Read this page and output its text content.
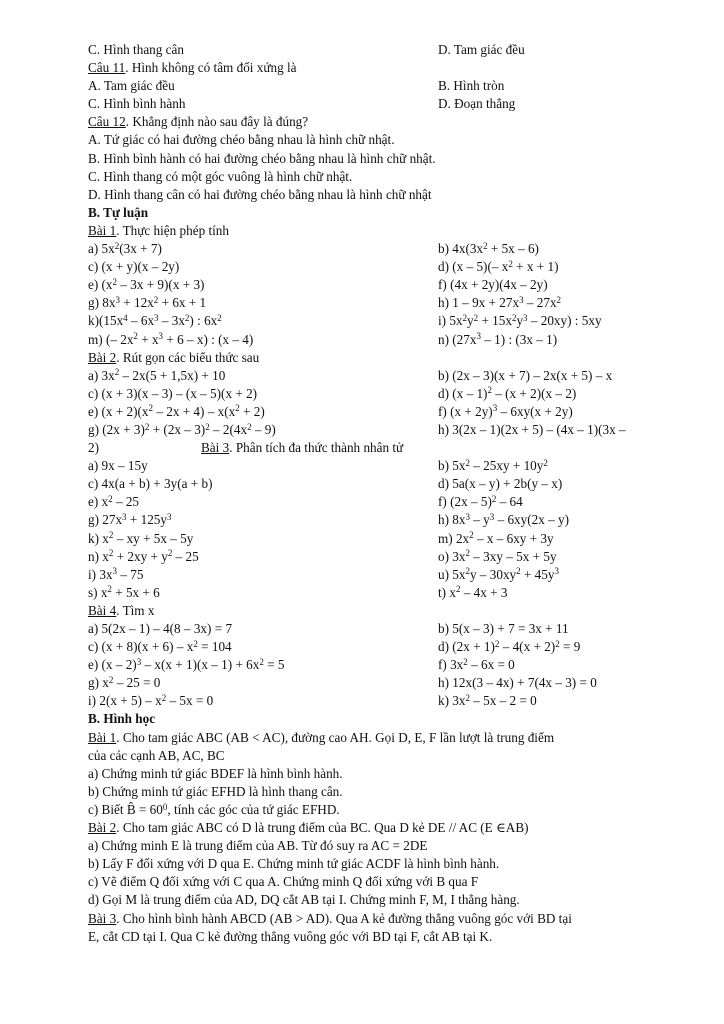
C. Hình thang cân	D. Tam giác đều
Câu 11. Hình không có tâm đối xứng là
A. Tam giác đều	B. Hình tròn
C. Hình bình hành	D. Đoạn thẳng
Câu 12. Khẳng định nào sau đây là đúng?
A. Tứ giác có hai đường chéo bằng nhau là hình chữ nhật.
B. Hình bình hành có hai đường chéo bằng nhau là hình chữ nhật.
C. Hình thang có một góc vuông là hình chữ nhật.
D. Hình thang cân có hai đường chéo bằng nhau là hình chữ nhật
B. Tự luận
Bài 1. Thực hiện phép tính
a) $5x^2(3x + 7)$	b) $4x(3x^2 + 5x - 6)$
c) (x + y)(x – 2y)	d) (x – 5)(– $x^2 + x + 1$)
e) $(x^2 - 3x + 9)(x + 3)$	f) (4x + 2y)(4x – 2y)
g) $8x^3 + 12x^2 + 6x + 1$	h) $1 - 9x + 27x^3 - 27x^2$
$k)(15x^4 - 6x^3 - 3x^2)$ : $6x^2$	i) $5x^2y^2 + 15x^2y^3 - 20xy$) : 5xy
m) (– $2x^2 + x^3 + 6 - x$) : (x – 4)	n) $(27x^3 - 1)$ : (3x – 1)
Bài 2. Rút gọn các biểu thức sau
a) $3x^2 - 2x(5 + 1,5x) + 10$	b) (2x – 3)(x + 7) – 2x(x + 5) – x
c) (x + 3)(x – 3) – (x – 5)(x + 2)	d) (x – 1)$^2$ – (x + 2)(x – 2)
e) $(x + 2)(x^2 - 2x + 4) - x(x^2 + 2)$	f) $(x + 2y)^3 - 6xy(x + 2y)$
g) $(2x + 3)^2 + (2x - 3)^2 - 2(4x^2 - 9)$	h) 3(2x – 1)(2x + 5) – (4x – 1)(3x –
2)	Bài 3. Phân tích đa thức thành nhân tử
a) 9x – 15y	b) $5x^2 - 25xy + 10y^2$
c) 4x(a + b) + 3y(a + b)	d) 5a(x – y) + 2b(y – x)
e) $x^2 - 25$	f) (2x – 5)$^2$ – 64
g) $27x^3 + 125y^3$	h) $8x^3 - y^3 - 6xy(2x - y)$
k) $x^2$ – xy + 5x – 5y	m) $2x^2 - x - 6xy + 3y$
n) $x^2 + 2xy + y^2 - 25$	o) $3x^2 - 3xy - 5x + 5y$
i) $3x^3 - 75$	u) $5x^2y - 30xy^2 + 45y^3$
s) $x^2 + 5x + 6$	t) $x^2 - 4x + 3$
Bài 4. Tìm x
a) 5(2x – 1) – 4(8 – 3x) = 7	b) 5(x – 3) + 7 = 3x + 11
c) $(x + 8)(x + 6) - x^2 = 104$	d) $(2x + 1)^2 - 4(x + 2)^2 = 9$
e) $(x - 2)^3 - x(x + 1)(x - 1) + 6x^2 = 5$	f) $3x^2 - 6x = 0$
g) $x^2 - 25 = 0$	h) 12x(3 – 4x) + 7(4x – 3) = 0
i) $2(x + 5) - x^2 - 5x = 0$	k) $3x^2 - 5x - 2 = 0$
B. Hình học
Bài 1. Cho tam giác ABC (AB < AC), đường cao AH. Gọi D, E, F lần lượt là trung điểm
của các cạnh AB, AC, BC
a) Chứng minh tứ giác BDEF là hình bình hành.
b) Chứng minh tứ giác EFHD là hình thang cân.
c) Biết B̂ = $60^0$, tính các góc của tứ giác EFHD.
Bài 2. Cho tam giác ABC có D là trung điểm của BC. Qua D kẻ DE // AC (E ∈AB)
a) Chứng minh E là trung điểm của AB. Từ đó suy ra AC = 2DE
b) Lấy F đối xứng với D qua E. Chứng minh tứ giác ACDF là hình bình hành.
c) Vẽ điểm Q đối xứng với C qua A. Chứng minh Q đối xứng với B qua F
d) Gọi M là trung điểm của AD, DQ cắt AB tại I. Chứng minh F, M, I thẳng hàng.
Bài 3. Cho hình bình hành ABCD (AB > AD). Qua A kẻ đường thẳng vuông góc với BD tại
E, cắt CD tại I. Qua C kẻ đường thẳng vuông góc với BD tại F, cắt AB tại K.
